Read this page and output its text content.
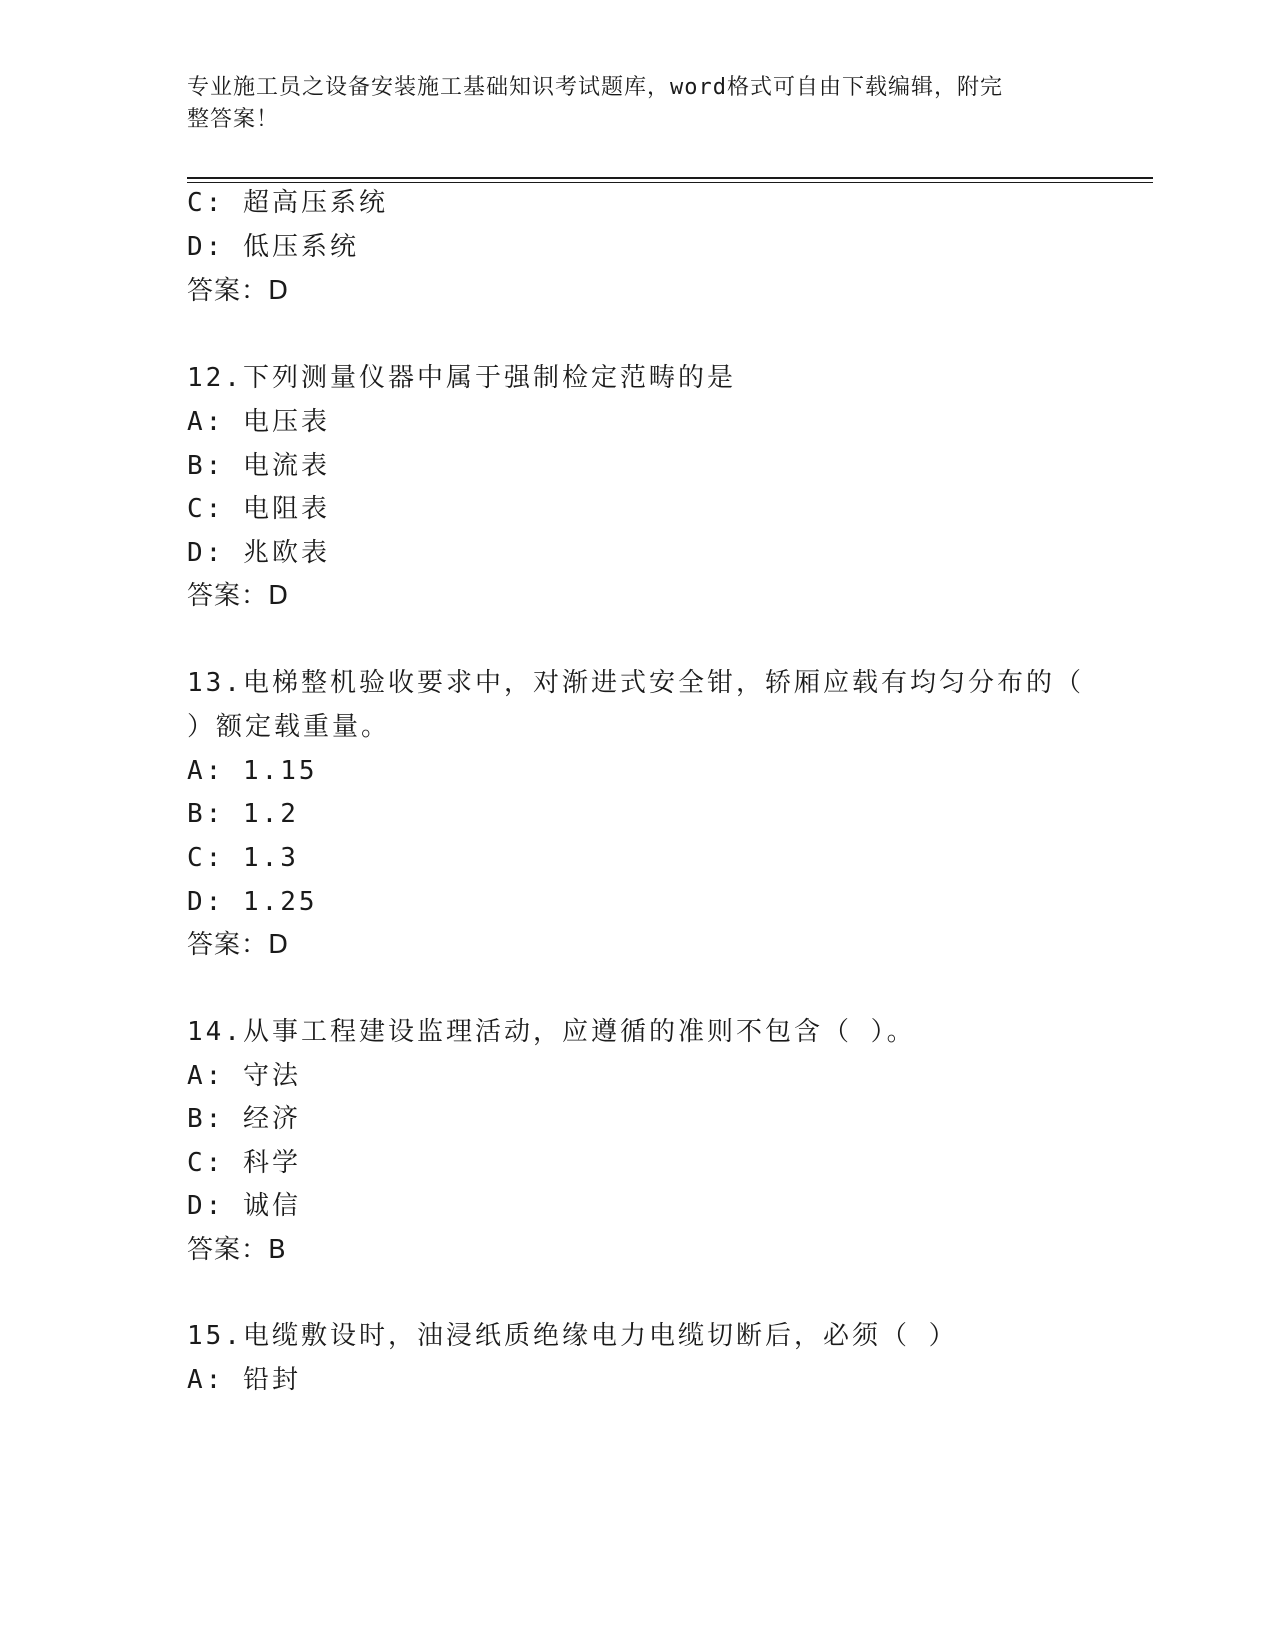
专业施工员之设备安装施工基础知识考试题库，word格式可自由下载编辑，附完
整答案！
C: 超高压系统
D: 低压系统
答案：D
12.下列测量仪器中属于强制检定范畴的是
A: 电压表
B: 电流表
C: 电阻表
D: 兆欧表
答案：D
13.电梯整机验收要求中，对渐进式安全钳，轿厢应载有均匀分布的（
）额定载重量。
A: 1.15
B: 1.2
C: 1.3
D: 1.25
答案：D
14.从事工程建设监理活动，应遵循的准则不包含（ ）。
A: 守法
B: 经济
C: 科学
D: 诚信
答案：B
15.电缆敷设时，油浸纸质绝缘电力电缆切断后，必须（ ）
A: 铅封
